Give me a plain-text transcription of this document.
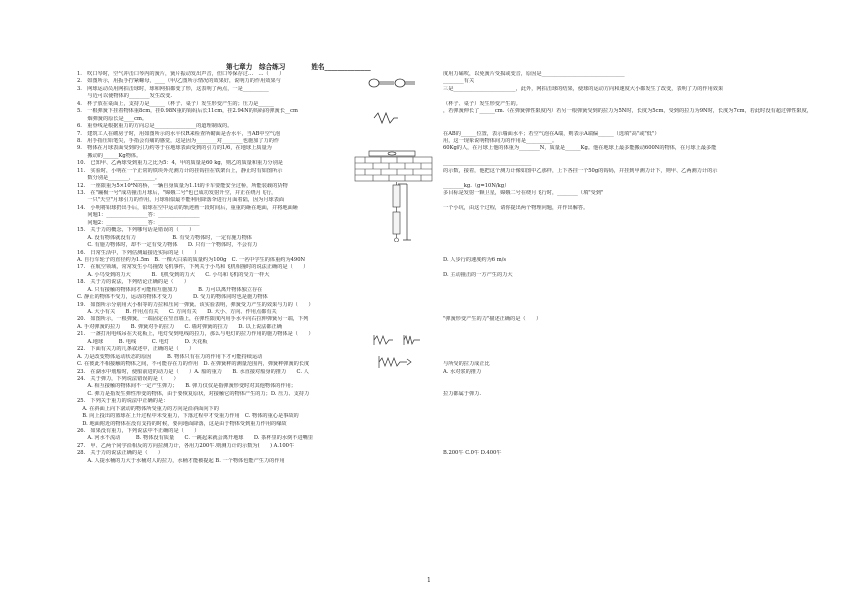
第七章力　综合练习	姓名______________
1.　吹口琴时，空气冲击口琴内的簧片，簧片振动发出声音，但口琴保存过…　…（　　）
2.　如图所示，用扳手拧紧螺母，____（甲/乙图所示情况的效果好，说明力的作用效果与
3.　网球运动员用网拍击球时，球和网拍都变了形，这表明了两点，一是__________
　　与近可以使物体的________发生改变.
4.　杯子放在桌面上，支持力是______（杯子、桌子）发生形变产生的；压力是______
5.　一根弹簧下挂着物体重8cm，挂0.98N重的钩码后长11cm，挂2.94N的钩码的弹簧长__cm
　　烟弹簧的原长是____cm。
6.　重垂线是根据重力的方向总是________________的道理制成的。
7.　建筑工人在砌房子时，用如图所示的水平仪R来检查所砌面是否水平，当AB中空气泡
8.　用手指压铅笔尖，手指会有痛的感觉，这是因为________对________也施加了力的作
9.　物体在月球表面受到的引力约等于在地球表面受到的引力的1/6，在地球上质量为
　　搬动的______Kg物体。
10.　已知甲、乙两球受到重力之比为5：4，甲的质量是60 kg，则乙的质量和重力分别是
11.　实验时，小明在一个正常的铁块外壳测力计的挂钩挂在铁架台上，静止时有如图所示
　　数分别是________，________。
12.　一座限重为5×10⁴N的桥，一辆自身质量为1.1t的卡车要能安全过桥，所能装载的货物
13.　在"蹦极一号"成功撞击月球后，"嫦娥二号"也已成功发射升空，并正在绕月飞行，
　　一只"天空"月球引力的作用，月球相似最不能利用降落伞进行月面着陆，因为月球表面
14.　小明将铅球扔出手后，铅球在空中运动的轨迹画一段时间后，重重的砸在地面，并将地面砸
　　问题1：________________答：________________
　　问题2：________________答：________________
15.　关于力的概念，下列哪句话是错误的（　　）
　　A. 没有物体就没有力　　　　　　　B. 有受力物体时，一定有施力物体
　　C. 有施力物体时，却不一定有受力物体　　D. 只有一个物体时，不会有力
16.　日常生活中，下列估测最接近实际的是（　　）
A. 自行车轮子的直径约为1.5m　B. 一棵大白菜的质量约为100g　C. 一名中学生的体重约为490N
17.　在航空领域，常常发生小鸟撞毁飞机事件，下列关于小鸟和飞机相撞时的说法正确的是（　　）
　　A. 小鸟受到的力大　　　　B. 飞机受到的力大　　C. 小鸟和飞机的受力一样大
18.　关于力的说法，下列结论正确的是（　　）
　　A. 只有接触的物体间才可能相互施加力　　　　B. 力可以离开物体独立存在
C. 静止的物体不受力，运动的物体才受力　　　　D. 受力的物体同时也是施力物体
19.　如图所示分别用大小相等的力拉和压同一弹簧。该实验表明，弹簧受力产生的效果与力的（　　）
　　A. 大小有关　　B. 作用点有关　　C. 方向有关　　D. 大小、方向、作用点都有关
20.　如图所示，一根弹簧，一端固定在竖直墙上，在弹性限度内用手水平向右拉伸弹簧另一端，下列
A. 手对弹簧的拉力　　B. 弹簧对手的拉力　　C. 墙对弹簧的拉力　　D. 以上说法都正确
21.　一盏打用电线吊在天花板上，电灯受到电线的拉力，那么与电灯的拉力作用的施力物体是（　　）
　　A.地球　　　B. 电线　　　C. 电灯　　　D. 天花板
22.　下面有关力的几条叙述中，正确的是（　　）
A. 力是改变物体运动状态的原因　　　B. 物体只有在力的作用下才可能持续运动
C. 在彼此不相接触的物体之间，不可能存在力的作用　D. 在弹簧秤的测量范围内，弹簧秤弹簧的长度
23.　在湖水中划船时，使船前进的动力是（　　）A. 船的重力　　B. 水直接对船身的推力　　C. 人
24.　关于弹力，下列说法错误的是（　　）
　　A. 相互接触的物体间不一定产生弹力；　　B. 弹力仅仅是指弹簧形变时对其他物体的作用；
　　C. 弹力是指发生弹性形变的物体，由于要恢复原状，对接触它的物体产生的力；D. 压力、支持力
25.　下列关于重力的说法中正确的是：
　A. 在斜面上向下滚动的物体所受重力的方向是沿斜面向下的
　B. 向上投出的篮球在上升过程中未受重力，下落过程中才受重力作用　C. 物体的重心是事故的
　D. 地面附近的物体在没有支持的时候，要向地面降落，这是由于物体受到重力作用的缘故
26.　如果没有重力，下列说法中不正确的是（　　）
　　A. 河水不流动　　　B. 物体没有质量　　C. 一跳起来就会离开地球　　D. 茶杯里的水倒不进嘴里
27.　甲、乙两个同学沿相反的方向拉测力计，各用力200牛.则测力计的示数为(　　) A.100牛
28.　关于力的说法正确的是（　　）
　　A. 人提水桶的力大于水桶对人的拉力，水桶才能被提起 B. 一个物体也能产生力的作用
度用力磕吹，以免簧片受损或变音，原因是________________________________
________有关
三是________________________，此外，网拍击球的结果，使球的运动方向和速度大小都发生了改变，表明了力的作用效果
（杯子、桌子）发生形变产生的。
，若弹簧伸长了______cm.（在弹簧弹性限度内）若另一根弹簧受到的拉力为5N时，长度为5cm，受到的拉力为9N时，长度为7cm，若此时没有超过弹性限度，
在AB的______位置，表示墙面水平；若空气泡在A端，则表示A端偏______（选填"高"或"低"）
用，这一现象说明物体间力的作用是__________。
60Kg的人，在月球上他的体重为________N，质量是______Kg。他在地球上最多能搬动600N的物体，在月球上最多能
__________________________________
的示数，接着，他把这个测力计像如图中乙那样，上下各挂一个50g的钩码，并挂到甲测力计下，则甲、乙两测力计的示
________kg.（g=10N/kg）
多目标是发射一颗卫星，嫦娥二号在绕月飞行时，________（填"受到"
一个小坑，由这个过程，请你提出两个物理问题，并作出解答。
D. 人步行的速度约为6 m/s
D. 主动撞击的一方产生的力大
"弹簧形变产生的力"描述正确的是（　　）
与所受的拉力成正比
A. 水对浆的推力
拉力都属于弹力.
B.200牛 C.0牛 D.400牛
1
